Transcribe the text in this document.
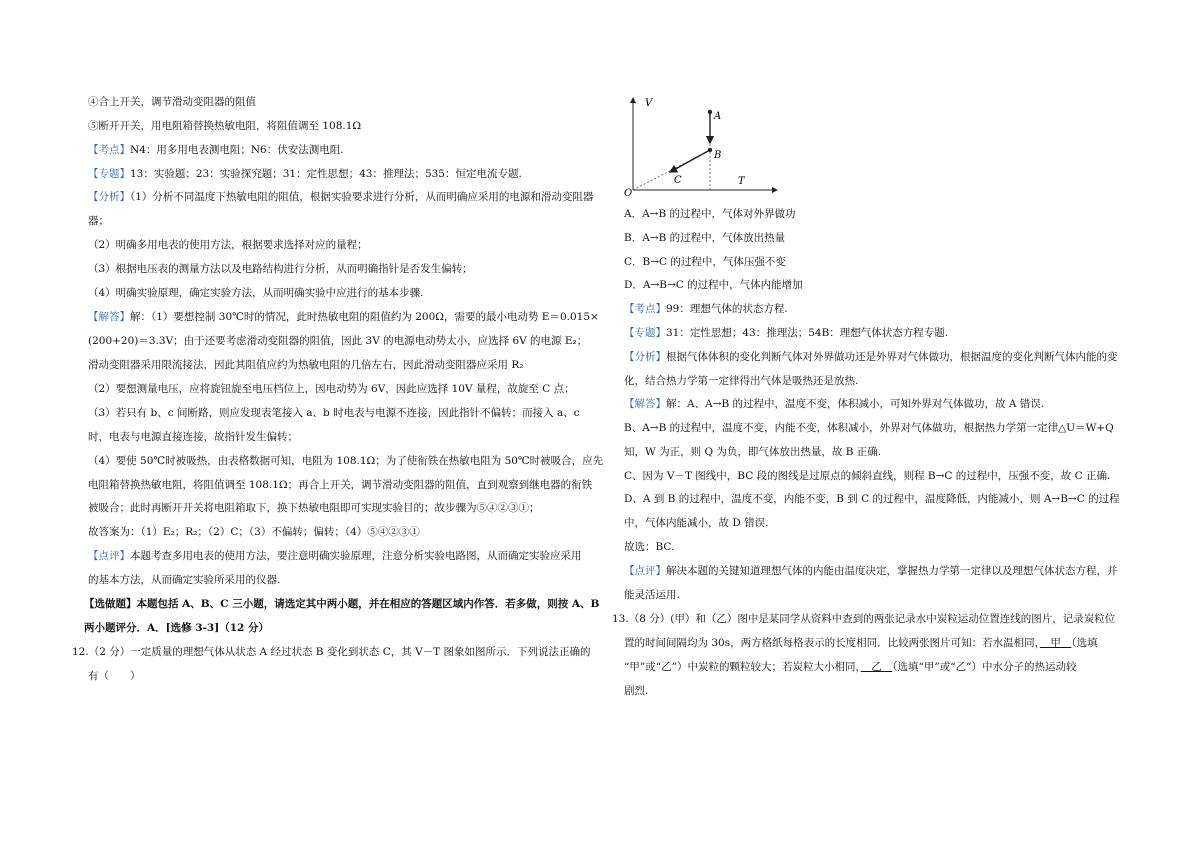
④合上开关，调节滑动变阻器的阻值
⑤断开开关，用电阻箱替换热敏电阻，将阻值调至 108.1Ω
【考点】N4：用多用电表测电阻；N6：伏安法测电阻.
【专题】13：实验题；23：实验探究题；31：定性思想；43：推理法；535：恒定电流专题.
【分析】（1）分析不同温度下热敏电阻的阻值，根据实验要求进行分析，从而明确应采用的电源和滑动变阻器
器；
（2）明确多用电表的使用方法，根据要求选择对应的量程；
（3）根据电压表的测量方法以及电路结构进行分析，从而明确指针是否发生偏转；
（4）明确实验原理，确定实验方法，从而明确实验中应进行的基本步骤.
【解答】解：（1）要想控制 30℃时的情况，此时热敏电阻的阻值约为 200Ω，需要的最小电动势 E＝0.015×
(200+20)＝3.3V；由于还要考虑滑动变阻器的阻值，因此 3V 的电源电动势太小，应选择 6V 的电源 E₂；
滑动变阻器采用限流接法，因此其阻值应约为热敏电阻的几倍左右，因此滑动变阻器应采用 R₂
（2）要想测量电压，应将旋钮旋至电压档位上，因电动势为 6V，因此应选择 10V 量程，故旋至 C 点；
（3）若只有 b、c 间断路，则应发现表笔接入 a、b 时电表与电源不连接，因此指针不偏转；而接入 a、c
时，电表与电源直接连接，故指针发生偏转；
（4）要使 50℃时被吸热，由表格数据可知，电阻为 108.1Ω；为了使衔铁在热敏电阻为 50℃时被吸合，应先
电阻箱替换热敏电阻，将阻值调至 108.1Ω；再合上开关，调节滑动变阻器的阻值，直到观察到继电器的衔铁
被吸合；此时再断开开关将电阻箱取下，换下热敏电阻即可实现实验目的；故步骤为⑤④②③①；
故答案为：（1）E₂；R₂；（2）C；（3）不偏转；偏转；（4）⑤④②③①
【点评】本题考查多用电表的使用方法，要注意明确实验原理，注意分析实验电路图，从而确定实验应采用
的基本方法，从而确定实验所采用的仪器.
【选做题】本题包括 A、B、C 三小题，请选定其中两小题，并在相应的答题区域内作答．若多做，则按 A、B
两小题评分．A．[选修 3-3]（12 分）
12.（2 分）一定质量的理想气体从状态 A 经过状态 B 变化到状态 C，其 V－T 图象如图所示．下列说法正确的
有（　　）
V
T
O
A
B
C
A．A→B 的过程中，气体对外界做功
B．A→B 的过程中，气体放出热量
C．B→C 的过程中，气体压强不变
D．A→B→C 的过程中，气体内能增加
【考点】99：理想气体的状态方程.
【专题】31：定性思想；43：推理法；54B：理想气体状态方程专题.
【分析】根据气体体积的变化判断气体对外界做功还是外界对气体做功，根据温度的变化判断气体内能的变
化，结合热力学第一定律得出气体是吸热还是放热.
【解答】解：A、A→B 的过程中，温度不变，体积减小，可知外界对气体做功，故 A 错误.
B、A→B 的过程中，温度不变，内能不变，体积减小，外界对气体做功，根据热力学第一定律△U＝W+Q
知，W 为正，则 Q 为负，即气体放出热量，故 B 正确.
C、因为 V－T 图线中，BC 段的图线是过原点的倾斜直线，则程 B→C 的过程中，压强不变，故 C 正确.
D、A 到 B 的过程中，温度不变，内能不变，B 到 C 的过程中，温度降低，内能减小，则 A→B→C 的过程
中，气体内能减小，故 D 错误.
故选：BC.
【点评】解决本题的关键知道理想气体的内能由温度决定，掌握热力学第一定律以及理想气体状态方程，并
能灵活运用.
13.（8 分）(甲）和（乙）图中是某同学从资料中查到的两张记录水中炭粒运动位置连线的图片，记录炭粒位
置的时间间隔均为 30s，两方格纸每格表示的长度相同．比较两张图片可知：若水温相同，　甲　（选填
“甲”或“乙”）中炭粒的颗粒较大；若炭粒大小相同，　乙　（选填“甲”或“乙”）中水分子的热运动较
剧烈.
